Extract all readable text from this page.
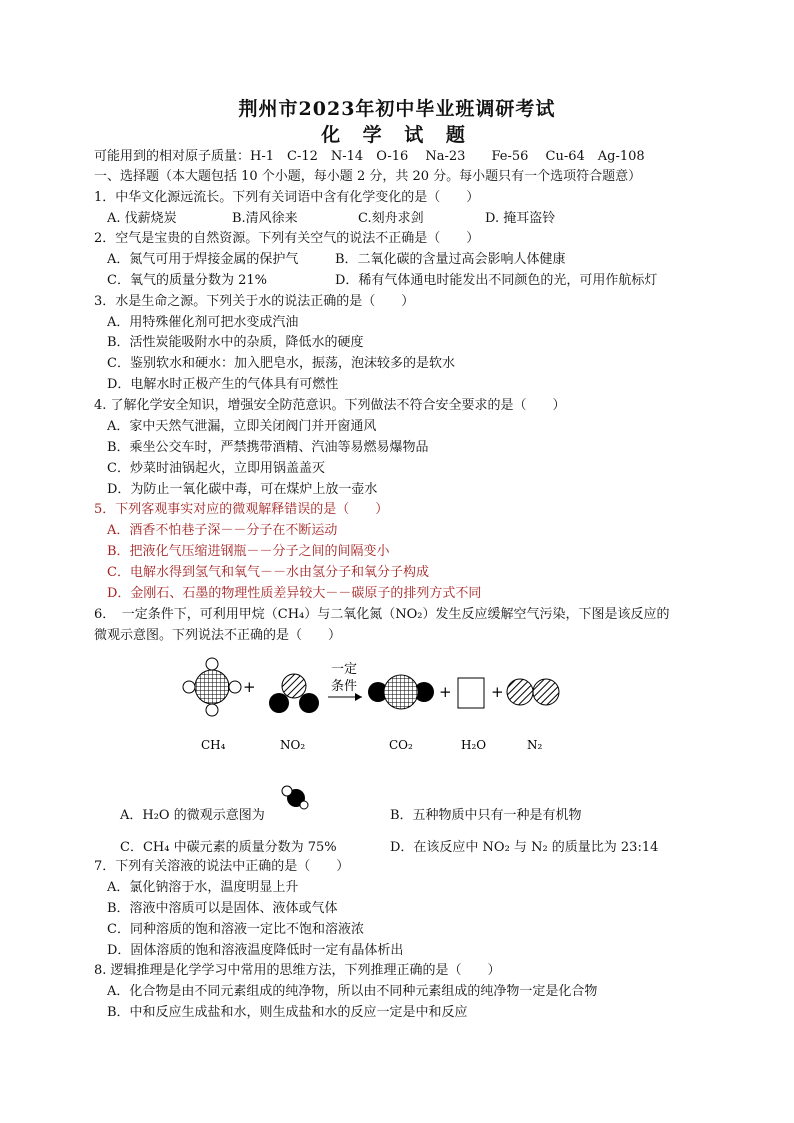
荆州市2023年初中毕业班调研考试
化 学 试 题
可能用到的相对原子质量：H-1　C-12　N-14　O-16　 Na-23　　Fe-56　 Cu-64　Ag-108
一、选择题（本大题包括 10 个小题，每小题 2 分，共 20 分。每小题只有一个选项符合题意）
1．中华文化源远流长。下列有关词语中含有化学变化的是（　　）
A. 伐薪烧炭	B.清风徐来	C.刻舟求剑	D. 掩耳盗铃
2．空气是宝贵的自然资源。下列有关空气的说法不正确是（　　）
A．氮气可用于焊接金属的保护气	B．二氧化碳的含量过高会影响人体健康
C．氧气的质量分数为 21%	D．稀有气体通电时能发出不同颜色的光，可用作航标灯
3．水是生命之源。下列关于水的说法正确的是（　　）
A．用特殊催化剂可把水变成汽油
B．活性炭能吸附水中的杂质，降低水的硬度
C．鉴别软水和硬水：加入肥皂水，振荡，泡沫较多的是软水
D．电解水时正极产生的气体具有可燃性
4. 了解化学安全知识，增强安全防范意识。下列做法不符合安全要求的是（　　）
A．家中天然气泄漏，立即关闭阀门并开窗通风
B．乘坐公交车时，严禁携带酒精、汽油等易燃易爆物品
C．炒菜时油锅起火，立即用锅盖盖灭
D．为防止一氧化碳中毒，可在煤炉上放一壶水
5．下列客观事实对应的微观解释错误的是（　　）
A．酒香不怕巷子深－－分子在不断运动
B．把液化气压缩进钢瓶－－分子之间的间隔变小
C．电解水得到氢气和氧气－－水由氢分子和氧分子构成
D．金刚石、石墨的物理性质差异较大－－碳原子的排列方式不同
6．　一定条件下，可利用甲烷（CH₄）与二氧化氮（NO₂）发生反应缓解空气污染，下图是该反应的
微观示意图。下列说法不正确的是（　　）
+
一定
条件	+	+
CH₄	NO₂	CO₂	H₂O	N₂
A．H₂O 的微观示意图为	B．五种物质中只有一种是有机物
C．CH₄ 中碳元素的质量分数为 75%	D．在该反应中 NO₂ 与 N₂ 的质量比为 23:14
7．下列有关溶液的说法中正确的是（　　）
A．氯化钠溶于水，温度明显上升
B．溶液中溶质可以是固体、液体或气体
C．同种溶质的饱和溶液一定比不饱和溶液浓
D．固体溶质的饱和溶液温度降低时一定有晶体析出
8. 逻辑推理是化学学习中常用的思维方法，下列推理正确的是（　　）
A．化合物是由不同元素组成的纯净物，所以由不同种元素组成的纯净物一定是化合物
B．中和反应生成盐和水，则生成盐和水的反应一定是中和反应
